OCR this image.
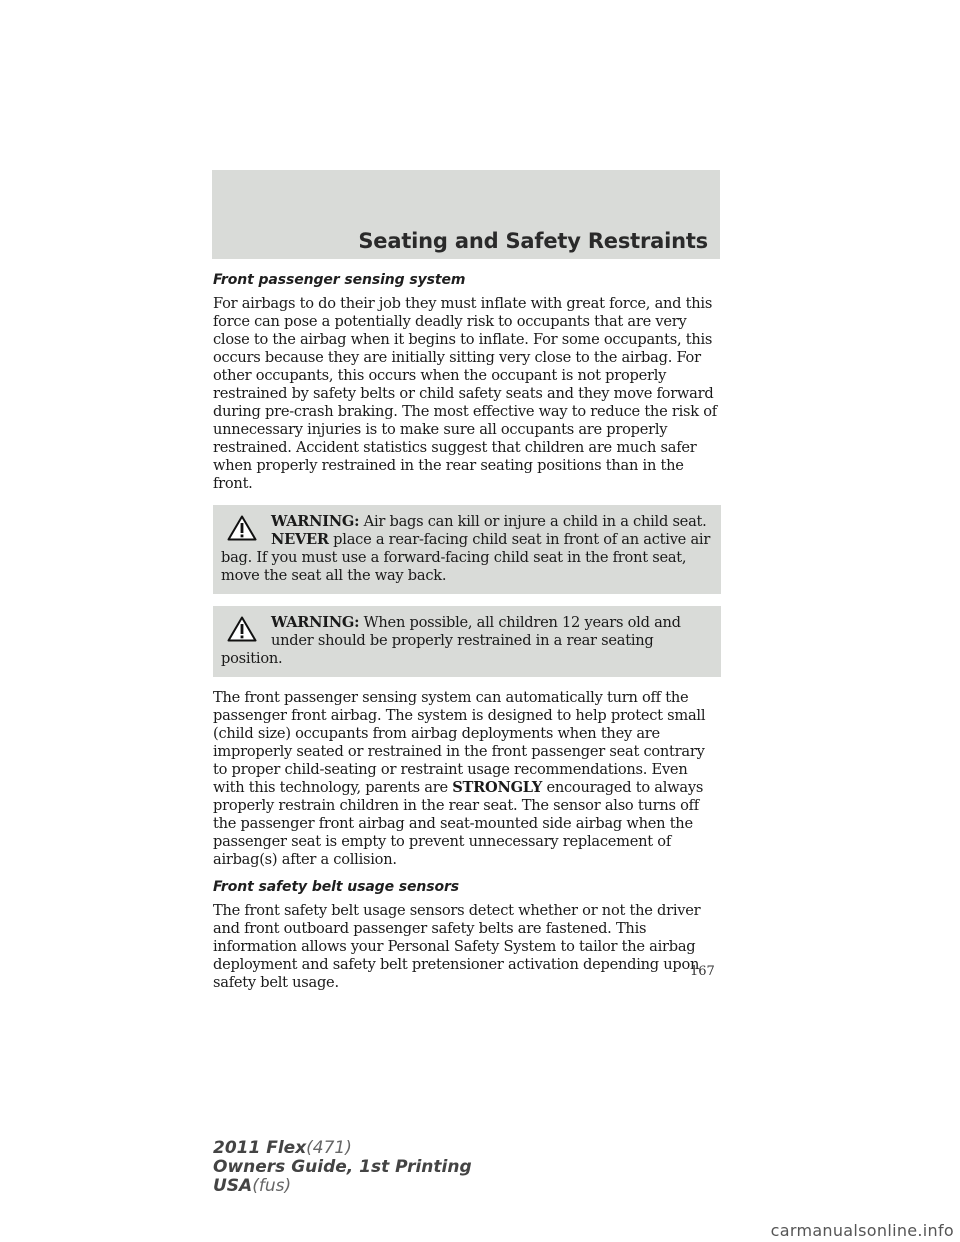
Seating and Safety Restraints
Front passenger sensing system

For airbags to do their job they must inflate with great force, and this force can pose a potentially deadly risk to occupants that are very close to the airbag when it begins to inflate. For some occupants, this occurs because they are initially sitting very close to the airbag. For other occupants, this occurs when the occupant is not properly restrained by safety belts or child safety seats and they move forward during pre-crash braking. The most effective way to reduce the risk of unnecessary injuries is to make sure all occupants are properly restrained. Accident statistics suggest that children are much safer when properly restrained in the rear seating positions than in the front.

WARNING: Air bags can kill or injure a child in a child seat.
NEVER place a rear-facing child seat in front of an active air bag. If you must use a forward-facing child seat in the front seat, move the seat all the way back.
WARNING: When possible, all children 12 years old and under should be properly restrained in a rear seating position.

The front passenger sensing system can automatically turn off the passenger front airbag. The system is designed to help protect small (child size) occupants from airbag deployments when they are improperly seated or restrained in the front passenger seat contrary to proper child-seating or restraint usage recommendations. Even with this technology, parents are STRONGLY encouraged to always properly restrain children in the rear seat. The sensor also turns off the passenger front airbag and seat-mounted side airbag when the passenger seat is empty to prevent unnecessary replacement of airbag(s) after a collision.

Front safety belt usage sensors

The front safety belt usage sensors detect whether or not the driver and front outboard passenger safety belts are fastened. This information allows your Personal Safety System to tailor the airbag deployment and safety belt pretensioner activation depending upon safety belt usage.

167
2011 Flex(471)
Owners Guide, 1st Printing
USA(fus)
carmanualsonline.info
